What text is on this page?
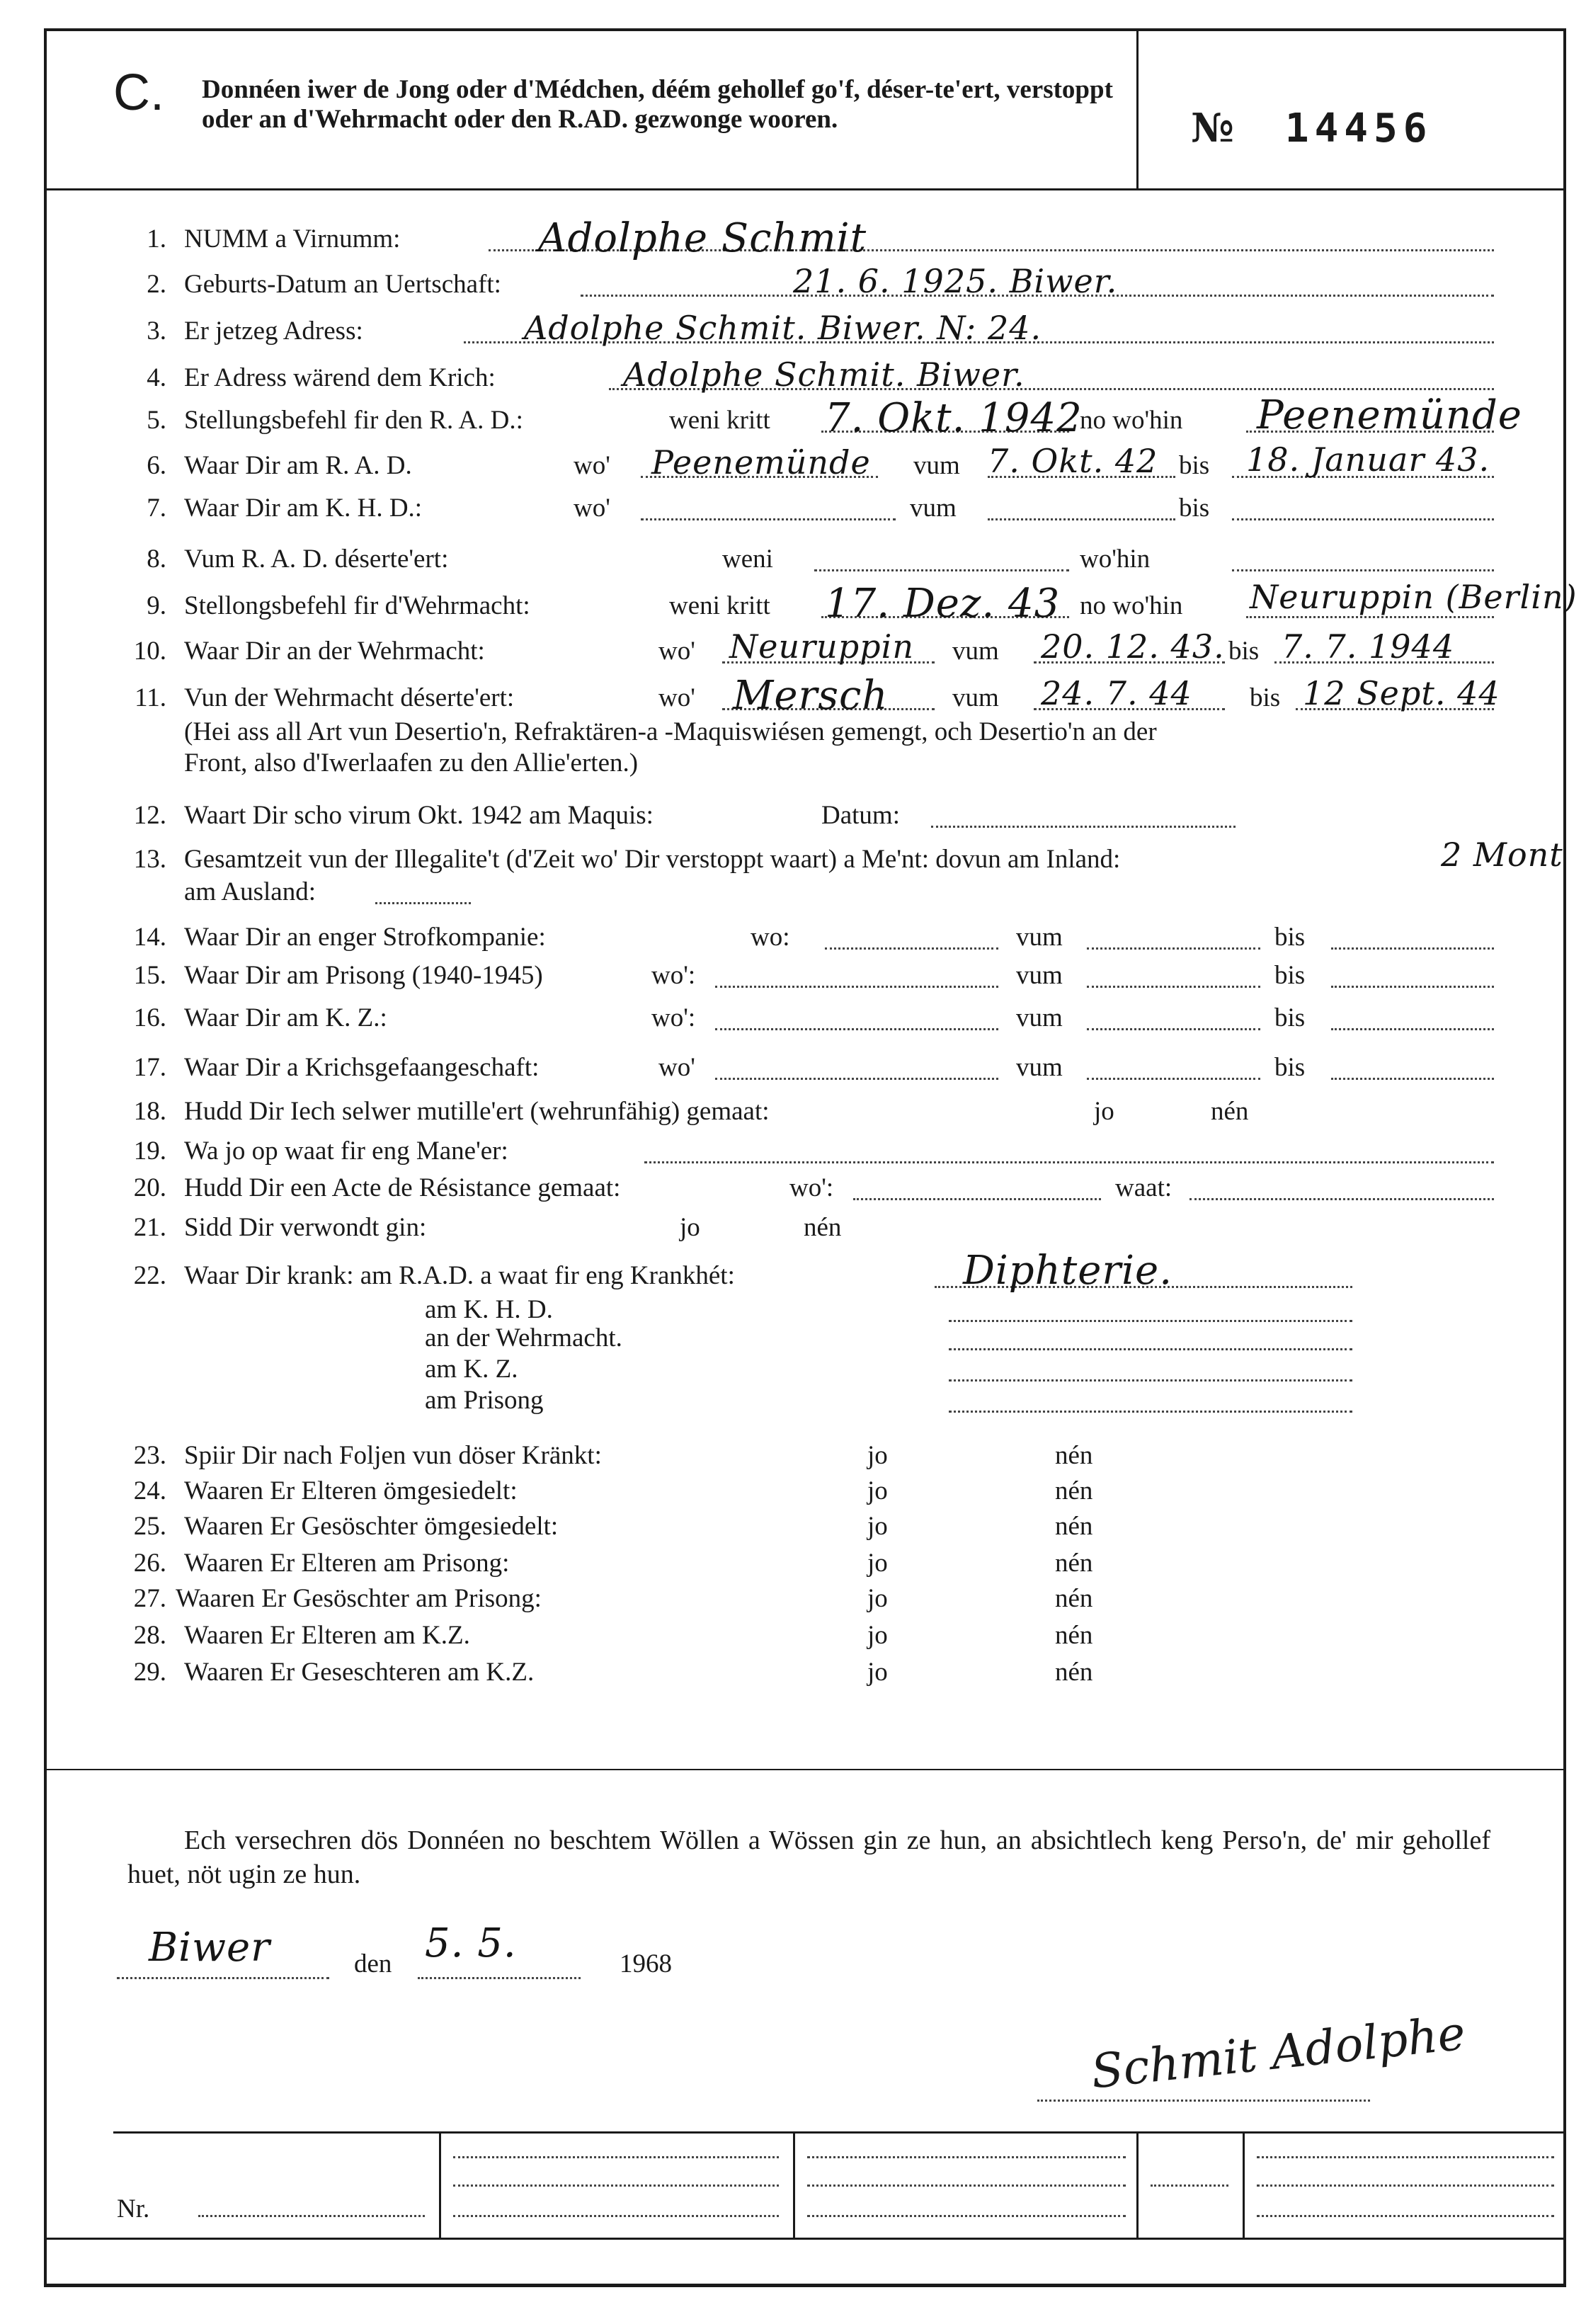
C. Donnéen iwer de Jong oder d'Médchen, déém gehollef go'f, déser-te'ert, verstoppt oder an d'Wehrmacht oder den R.AD. gezwonge wooren.	№ 14456
1. NUMM a Virnumm:	Adolphe Schmit
2. Geburts-Datum an Uertschaft:	21. 6. 1925. Biwer.
3. Er jetzeg Adress:	Adolphe Schmit. Biwer. N: 24.
4. Er Adress wärend dem Krich:	Adolphe Schmit. Biwer.
5. Stellungsbefehl fir den R. A. D.:	weni kritt 7. Okt. 1942
no wo'hin Peenemünde
6. Waar Dir am R. A. D.	wo' Peenemünde vum 7. Okt. 42 bis 18. Januar 43.
7. Waar Dir am K. H. D.:	wo'	vum	bis
8. Vum R. A. D. déserte'ert:	weni	wo'hin
9. Stellongsbefehl fir d'Wehrmacht:	weni kritt 17. Dez. 43 no wo'hin Neuruppin (Berlin)
10. Waar Dir an der Wehrmacht:	wo' Neuruppin vum 20. 12. 43. bis 7. 7. 1944
11. Vun der Wehrmacht déserte'ert:	wo' Mersch vum 24. 7. 44 bis 12 Sept. 44
(Hei ass all Art vun Desertio'n, Refraktären-a -Maquiswiésen gemengt, och Desertio'n an der
Front, also d'Iwerlaafen zu den Allie'erten.)
12. Waart Dir scho virum Okt. 1942 am Maquis:	Datum:
13. Gesamtzeit vun der Illegalite't (d'Zeit wo' Dir verstoppt waart) a Me'nt: dovun am Inland:	2 Mont
am Ausland:
14. Waar Dir an enger Strofkompanie:	wo:	vum	bis
15. Waar Dir am Prisong (1940-1945)	wo':	vum	bis
16. Waar Dir am K. Z.:	wo':	vum	bis
17. Waar Dir a Krichsgefaangeschaft:	wo'	vum	bis
18. Hudd Dir Iech selwer mutille'ert (wehrunfähig) gemaat:	jo	nén
19. Wa jo op waat fir eng Mane'er:
20. Hudd Dir een Acte de Résistance gemaat:	wo':	waat:
21. Sidd Dir verwondt gin:	jo	nén
22. Waar Dir krank: am R.A.D. a waat fir eng Krankhét:	Diphterie.
am K. H. D.
an der Wehrmacht.
am K. Z.
am Prisong
23. Spiir Dir nach Foljen vun döser Kränkt:	jo	nén
24. Waaren Er Elteren ömgesiedelt:	jo	nén
25. Waaren Er Gesöschter ömgesiedelt:	jo	nén
26. Waaren Er Elteren am Prisong:	jo	nén
27. Waaren Er Gesöschter am Prisong:	jo	nén
28. Waaren Er Elteren am K.Z.	jo	nén
29. Waaren Er Geseschteren am K.Z.	jo	nén
Ech versechren dös Donnéen no beschtem Wöllen a Wössen gin ze hun, an absichtlech keng Perso'n, de' mir gehollef huet, nöt ugin ze hun.
Biwer	den 5. 5.	1968
Schmit Adolphe
Nr.
